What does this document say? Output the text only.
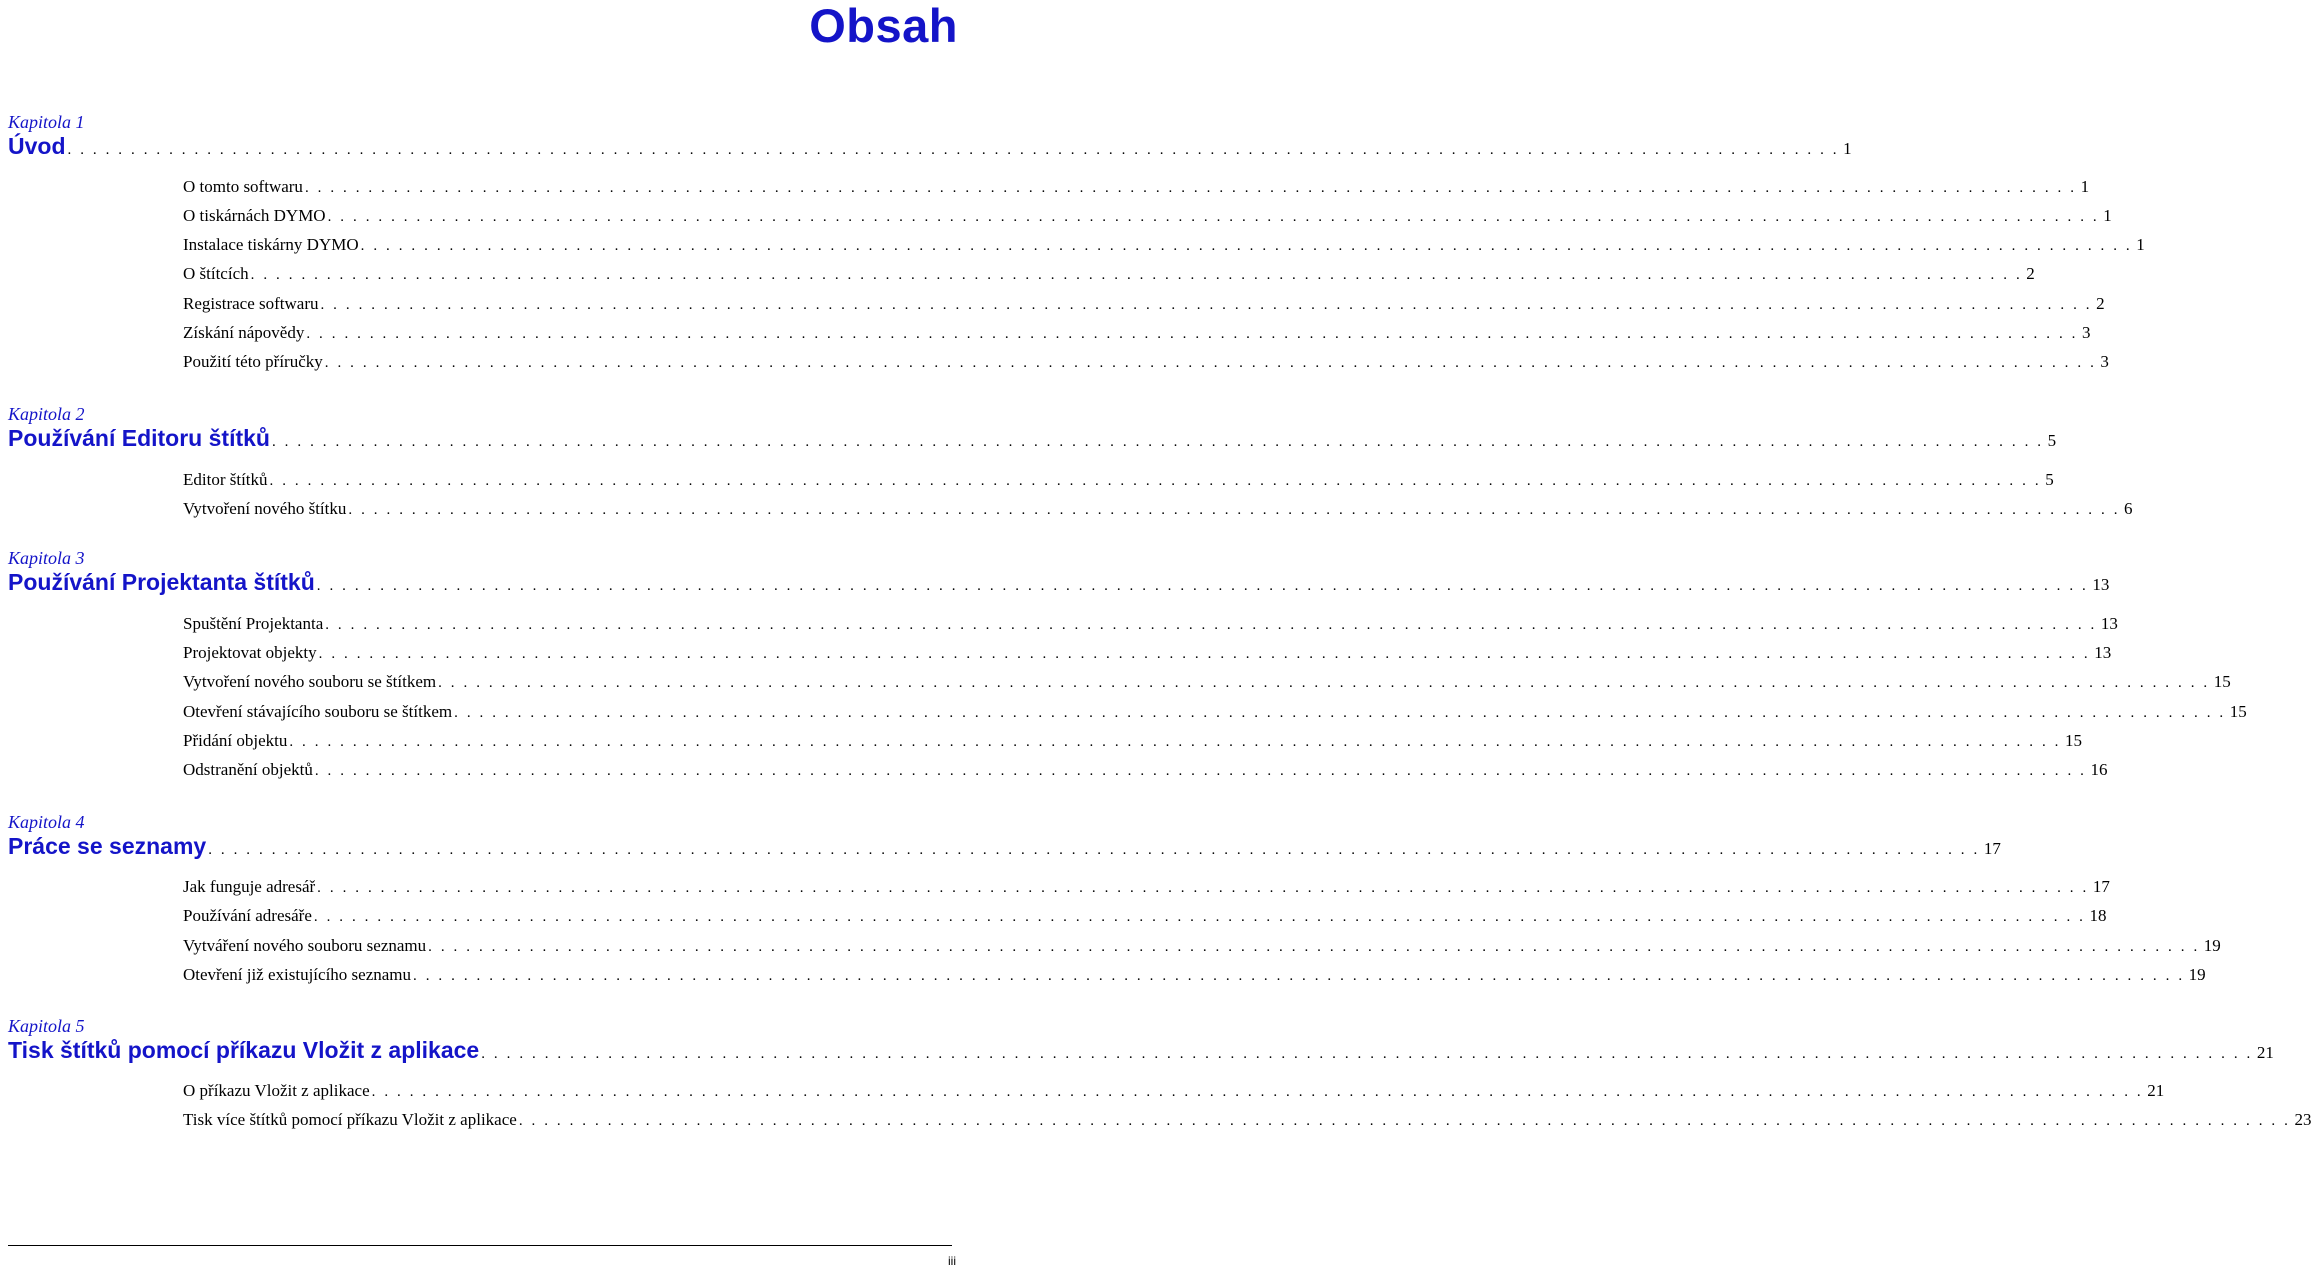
Obsah
Kapitola 1
Úvod . . . . . . . . . . . . . . . . . . . . . . . . . . . . . . . . . . . . . . . . . . . . . . . . . . . . . . . . . . . . . . . . . . . . . . . . . . . . . . . . . . . . . . . . . . . . . . . . . . . . . . . . . . . . . . . . . . . . . . . . . . . . . . . . . . . . . . . . . . . . 1
O tomto softwaru . . . . . . . . . . . . . . . . . . . . . . . . . . . . . . . . . . . . . . . . . . . . . . . . . . . . . . . . . . . . . . . . . . . . . . . . . . . . . . . . . . . . . . . . . . . . . . . . . . . . . . . . . . . . . . . . . . . . . . . . . . . . . . . . . . . . . . . . . . . . 1
O tiskárnách DYMO . . . . . . . . . . . . . . . . . . . . . . . . . . . . . . . . . . . . . . . . . . . . . . . . . . . . . . . . . . . . . . . . . . . . . . . . . . . . . . . . . . . . . . . . . . . . . . . . . . . . . . . . . . . . . . . . . . . . . . . . . . . . . . . . . . . . . . . . . . . . 1
Instalace tiskárny DYMO . . . . . . . . . . . . . . . . . . . . . . . . . . . . . . . . . . . . . . . . . . . . . . . . . . . . . . . . . . . . . . . . . . . . . . . . . . . . . . . . . . . . . . . . . . . . . . . . . . . . . . . . . . . . . . . . . . . . . . . . . . . . . . . . . . . . . . . . . . . . 1
O štítcích . . . . . . . . . . . . . . . . . . . . . . . . . . . . . . . . . . . . . . . . . . . . . . . . . . . . . . . . . . . . . . . . . . . . . . . . . . . . . . . . . . . . . . . . . . . . . . . . . . . . . . . . . . . . . . . . . . . . . . . . . . . . . . . . . . . . . . . . . . . . 2
Registrace softwaru . . . . . . . . . . . . . . . . . . . . . . . . . . . . . . . . . . . . . . . . . . . . . . . . . . . . . . . . . . . . . . . . . . . . . . . . . . . . . . . . . . . . . . . . . . . . . . . . . . . . . . . . . . . . . . . . . . . . . . . . . . . . . . . . . . . . . . . . . . . . 2
Získání nápovědy . . . . . . . . . . . . . . . . . . . . . . . . . . . . . . . . . . . . . . . . . . . . . . . . . . . . . . . . . . . . . . . . . . . . . . . . . . . . . . . . . . . . . . . . . . . . . . . . . . . . . . . . . . . . . . . . . . . . . . . . . . . . . . . . . . . . . . . . . . . . 3
Použití této příručky . . . . . . . . . . . . . . . . . . . . . . . . . . . . . . . . . . . . . . . . . . . . . . . . . . . . . . . . . . . . . . . . . . . . . . . . . . . . . . . . . . . . . . . . . . . . . . . . . . . . . . . . . . . . . . . . . . . . . . . . . . . . . . . . . . . . . . . . . . . . 3
Kapitola 2
Používání Editoru štítků . . . . . . . . . . . . . . . . . . . . . . . . . . . . . . . . . . . . . . . . . . . . . . . . . . . . . . . . . . . . . . . . . . . . . . . . . . . . . . . . . . . . . . . . . . . . . . . . . . . . . . . . . . . . . . . . . . . . . . . . . . . . . . . . . . . . . . . . . . . . 5
Editor štítků . . . . . . . . . . . . . . . . . . . . . . . . . . . . . . . . . . . . . . . . . . . . . . . . . . . . . . . . . . . . . . . . . . . . . . . . . . . . . . . . . . . . . . . . . . . . . . . . . . . . . . . . . . . . . . . . . . . . . . . . . . . . . . . . . . . . . . . . . . . . 5
Vytvoření nového štítku . . . . . . . . . . . . . . . . . . . . . . . . . . . . . . . . . . . . . . . . . . . . . . . . . . . . . . . . . . . . . . . . . . . . . . . . . . . . . . . . . . . . . . . . . . . . . . . . . . . . . . . . . . . . . . . . . . . . . . . . . . . . . . . . . . . . . . . . . . . . 6
Kapitola 3
Používání Projektanta štítků . . . . . . . . . . . . . . . . . . . . . . . . . . . . . . . . . . . . . . . . . . . . . . . . . . . . . . . . . . . . . . . . . . . . . . . . . . . . . . . . . . . . . . . . . . . . . . . . . . . . . . . . . . . . . . . . . . . . . . . . . . . . . . . . . . . . . . . . . . . . 13
Spuštění Projektanta . . . . . . . . . . . . . . . . . . . . . . . . . . . . . . . . . . . . . . . . . . . . . . . . . . . . . . . . . . . . . . . . . . . . . . . . . . . . . . . . . . . . . . . . . . . . . . . . . . . . . . . . . . . . . . . . . . . . . . . . . . . . . . . . . . . . . . . . . . . . 13
Projektovat objekty . . . . . . . . . . . . . . . . . . . . . . . . . . . . . . . . . . . . . . . . . . . . . . . . . . . . . . . . . . . . . . . . . . . . . . . . . . . . . . . . . . . . . . . . . . . . . . . . . . . . . . . . . . . . . . . . . . . . . . . . . . . . . . . . . . . . . . . . . . . . 13
Vytvoření nového souboru se štítkem . . . . . . . . . . . . . . . . . . . . . . . . . . . . . . . . . . . . . . . . . . . . . . . . . . . . . . . . . . . . . . . . . . . . . . . . . . . . . . . . . . . . . . . . . . . . . . . . . . . . . . . . . . . . . . . . . . . . . . . . . . . . . . . . . . . . . . . . . . . . 15
Otevření stávajícího souboru se štítkem . . . . . . . . . . . . . . . . . . . . . . . . . . . . . . . . . . . . . . . . . . . . . . . . . . . . . . . . . . . . . . . . . . . . . . . . . . . . . . . . . . . . . . . . . . . . . . . . . . . . . . . . . . . . . . . . . . . . . . . . . . . . . . . . . . . . . . . . . . . . 15
Přidání objektu . . . . . . . . . . . . . . . . . . . . . . . . . . . . . . . . . . . . . . . . . . . . . . . . . . . . . . . . . . . . . . . . . . . . . . . . . . . . . . . . . . . . . . . . . . . . . . . . . . . . . . . . . . . . . . . . . . . . . . . . . . . . . . . . . . . . . . . . . . . . 15
Odstranění objektů . . . . . . . . . . . . . . . . . . . . . . . . . . . . . . . . . . . . . . . . . . . . . . . . . . . . . . . . . . . . . . . . . . . . . . . . . . . . . . . . . . . . . . . . . . . . . . . . . . . . . . . . . . . . . . . . . . . . . . . . . . . . . . . . . . . . . . . . . . . . 16
Kapitola 4
Práce se seznamy . . . . . . . . . . . . . . . . . . . . . . . . . . . . . . . . . . . . . . . . . . . . . . . . . . . . . . . . . . . . . . . . . . . . . . . . . . . . . . . . . . . . . . . . . . . . . . . . . . . . . . . . . . . . . . . . . . . . . . . . . . . . . . . . . . . . . . . . . . . . 17
Jak funguje adresář . . . . . . . . . . . . . . . . . . . . . . . . . . . . . . . . . . . . . . . . . . . . . . . . . . . . . . . . . . . . . . . . . . . . . . . . . . . . . . . . . . . . . . . . . . . . . . . . . . . . . . . . . . . . . . . . . . . . . . . . . . . . . . . . . . . . . . . . . . . . 17
Používání adresáře . . . . . . . . . . . . . . . . . . . . . . . . . . . . . . . . . . . . . . . . . . . . . . . . . . . . . . . . . . . . . . . . . . . . . . . . . . . . . . . . . . . . . . . . . . . . . . . . . . . . . . . . . . . . . . . . . . . . . . . . . . . . . . . . . . . . . . . . . . . . 18
Vytváření nového souboru seznamu . . . . . . . . . . . . . . . . . . . . . . . . . . . . . . . . . . . . . . . . . . . . . . . . . . . . . . . . . . . . . . . . . . . . . . . . . . . . . . . . . . . . . . . . . . . . . . . . . . . . . . . . . . . . . . . . . . . . . . . . . . . . . . . . . . . . . . . . . . . . 19
Otevření již existujícího seznamu . . . . . . . . . . . . . . . . . . . . . . . . . . . . . . . . . . . . . . . . . . . . . . . . . . . . . . . . . . . . . . . . . . . . . . . . . . . . . . . . . . . . . . . . . . . . . . . . . . . . . . . . . . . . . . . . . . . . . . . . . . . . . . . . . . . . . . . . . . . . 19
Kapitola 5
Tisk štítků pomocí příkazu Vložit z aplikace . . . . . . . . . . . . . . . . . . . . . . . . . . . . . . . . . . . . . . . . . . . . . . . . . . . . . . . . . . . . . . . . . . . . . . . . . . . . . . . . . . . . . . . . . . . . . . . . . . . . . . . . . . . . . . . . . . . . . . . . . . . . . . . . . . . . . . . . . . . . 21
O příkazu Vložit z aplikace . . . . . . . . . . . . . . . . . . . . . . . . . . . . . . . . . . . . . . . . . . . . . . . . . . . . . . . . . . . . . . . . . . . . . . . . . . . . . . . . . . . . . . . . . . . . . . . . . . . . . . . . . . . . . . . . . . . . . . . . . . . . . . . . . . . . . . . . . . . . 21
Tisk více štítků pomocí příkazu Vložit z aplikace . . . . . . . . . . . . . . . . . . . . . . . . . . . . . . . . . . . . . . . . . . . . . . . . . . . . . . . . . . . . . . . . . . . . . . . . . . . . . . . . . . . . . . . . . . . . . . . . . . . . . . . . . . . . . . . . . . . . . . . . . . . . . . . . . . . . . . . . . . . . 23
iii
